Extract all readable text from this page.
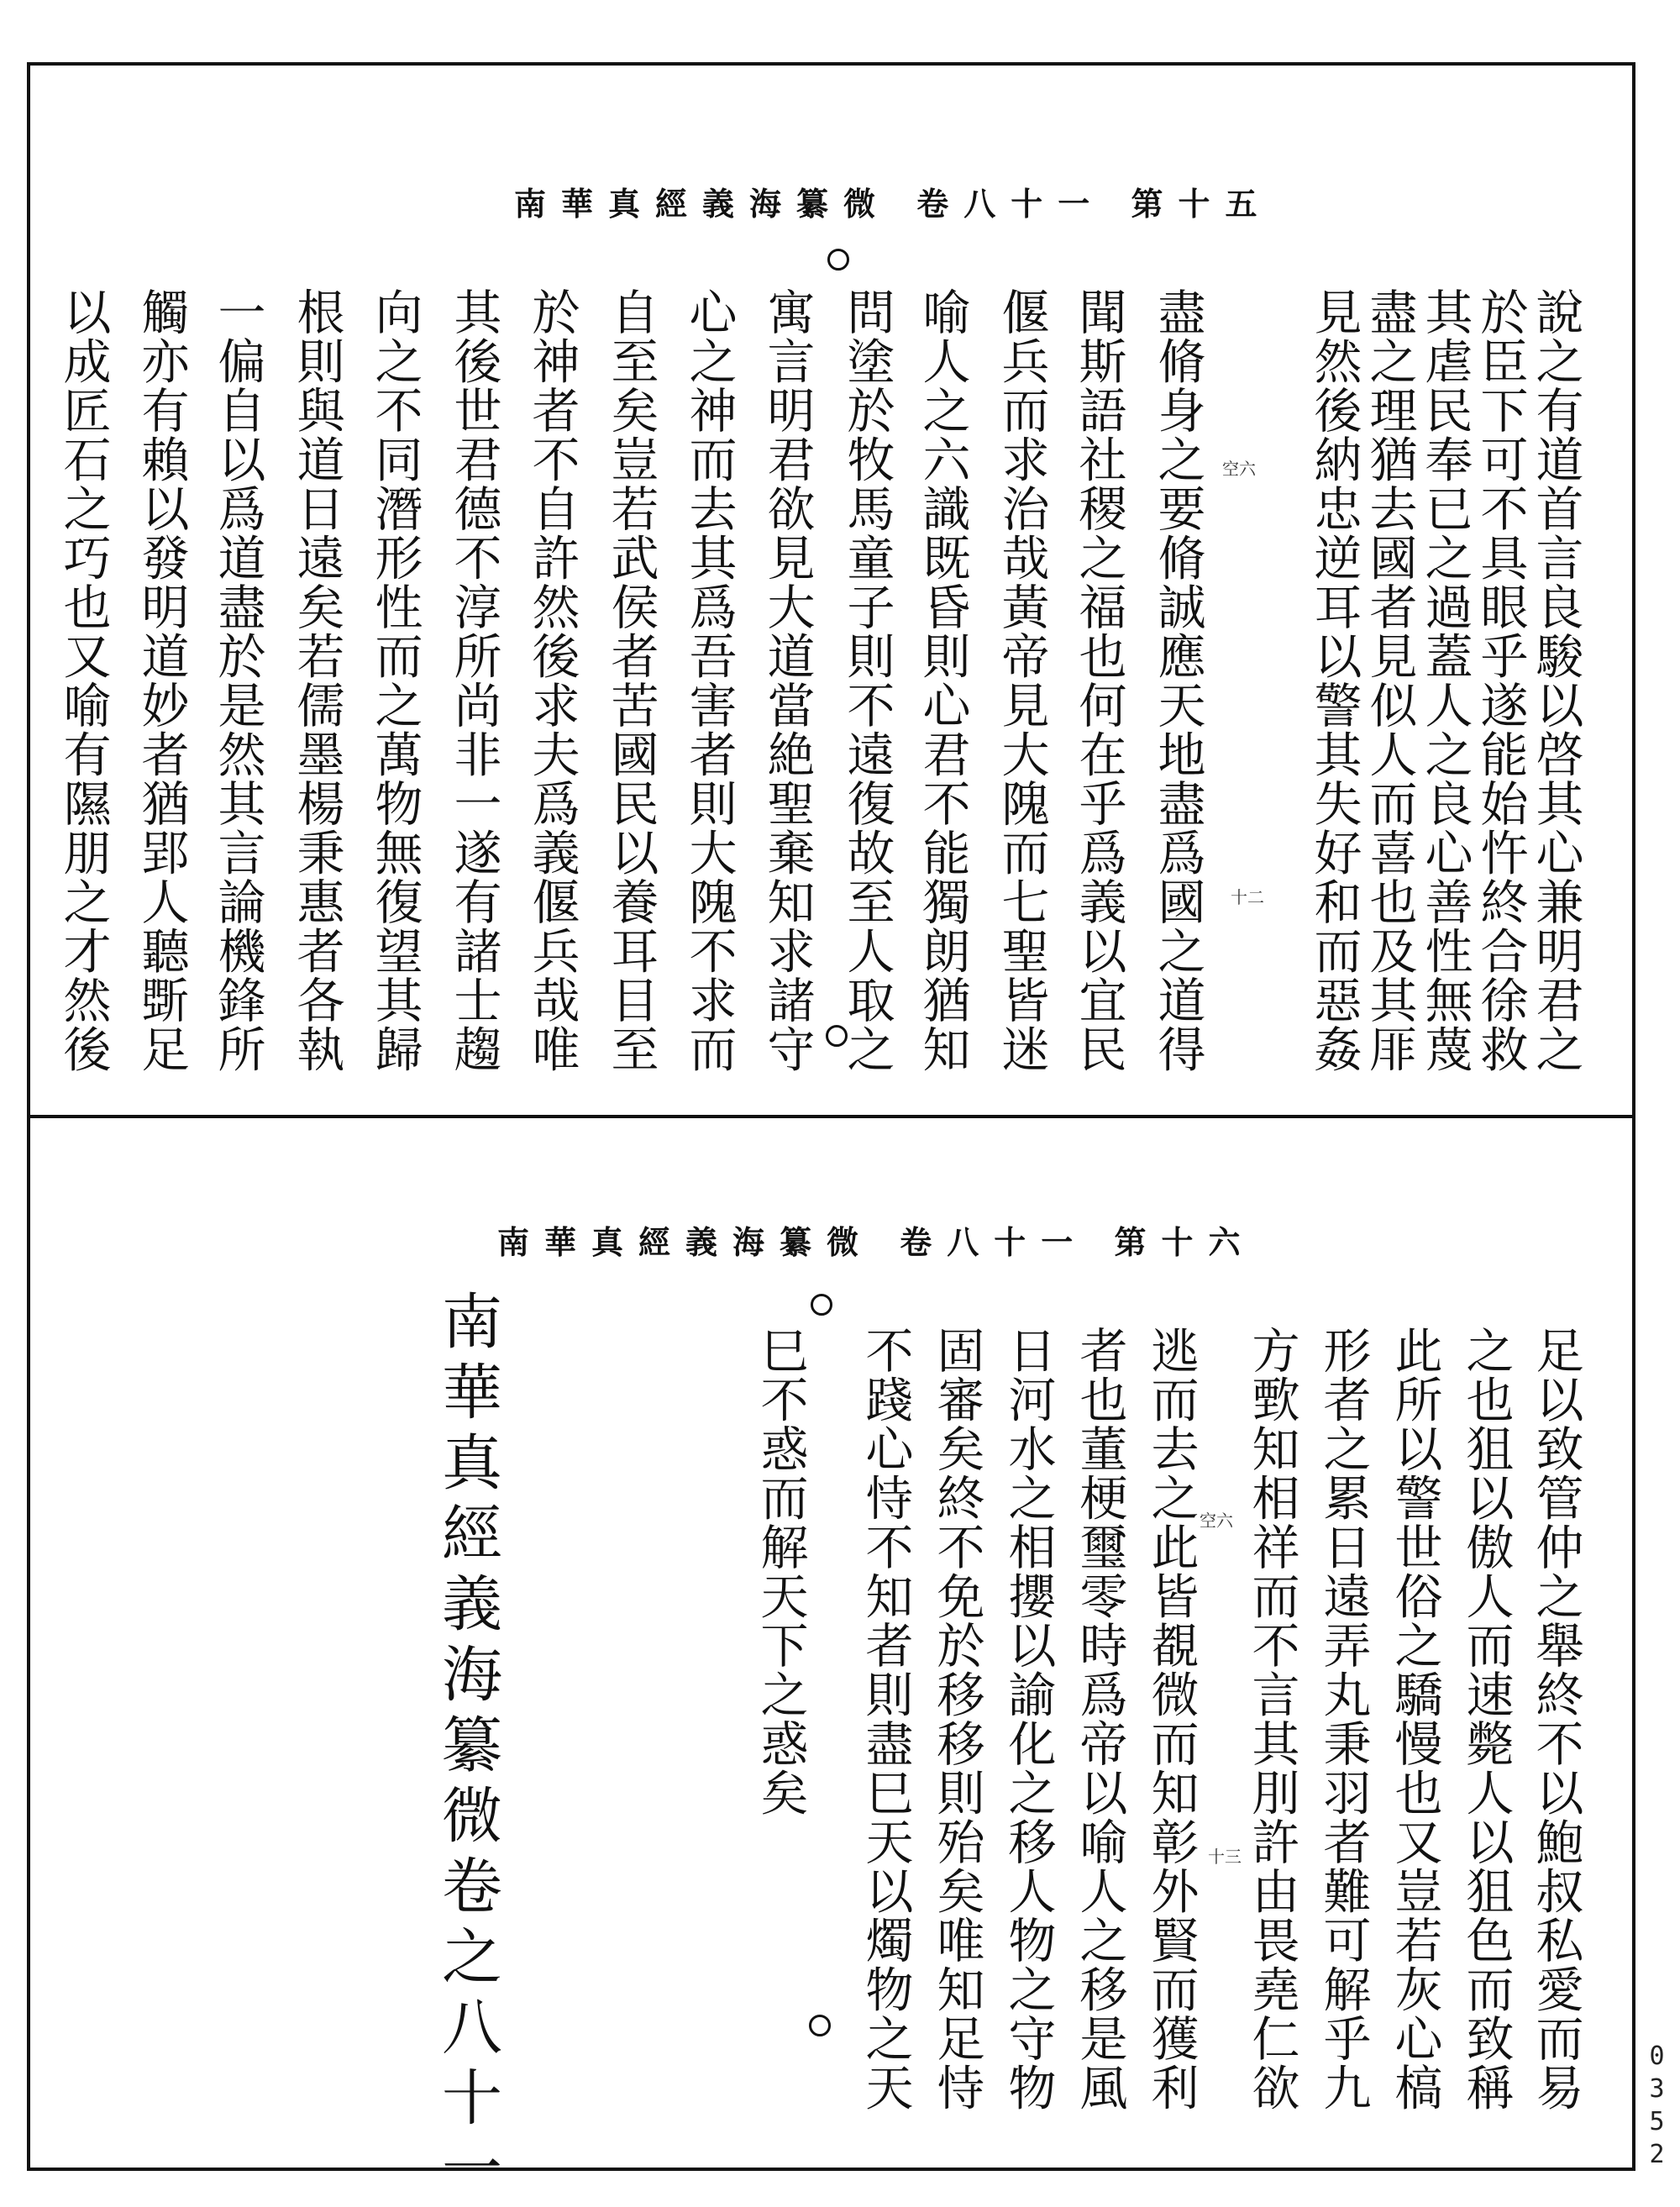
南華真經義海纂微 卷八十一 第十五
說之有道首言良駿以啓其心兼明君之
於臣下可不具眼乎遂能始忤終合徐救
其虐民奉已之過蓋人之良心善性無蔑
盡之理猶去國者見似人而喜也及其厞
見然後納忠逆耳以警其失好和而惡姦
盡脩身之要脩誠應天地盡爲國之道得
聞斯語社稷之福也何在乎爲義以宜民
偃兵而求治哉黃帝見大隗而七聖皆迷
喻人之六識既昏則心君不能獨朗猶知
問塗於牧馬童子則不遠復故至人取之
寓言明君欲見大道當絶聖棄知求諸守
心之神而去其爲吾害者則大隗不求而
自至矣豈若武侯者苦國民以養耳目至
於神者不自許然後求夫爲義偃兵哉唯
其後世君德不淳所尚非一遂有諸士趨
向之不同潛形性而之萬物無復望其歸
根則與道日遠矣若儒墨楊秉惠者各執
一偏自以爲道盡於是然其言論機鋒所
觸亦有賴以發明道妙者猶郢人聽斲足
以成匠石之巧也又喻有隰朋之才然後	空六
十二
南華真經義海纂微 卷八十一 第十六
足以致管仲之舉終不以鮑叔私愛而易
之也狙以傲人而速斃人以狙色而致稱
此所以警世俗之驕慢也又豈若灰心槁
形者之累日遠弄丸秉羽者難可解乎九
方歅知相祥而不言其刖許由畏堯仁欲
逃而去之此皆覩微而知彰外賢而獲利
者也董梗璽零時爲帝以喻人之移是風
日河水之相攖以諭化之移人物之守物
固審矣終不免於移移則殆矣唯知足恃
不踐心恃不知者則盡巳天以燭物之天
巳不惑而解天下之惑矣	空六
十三
南華真經義海纂微卷之八十一	0352
